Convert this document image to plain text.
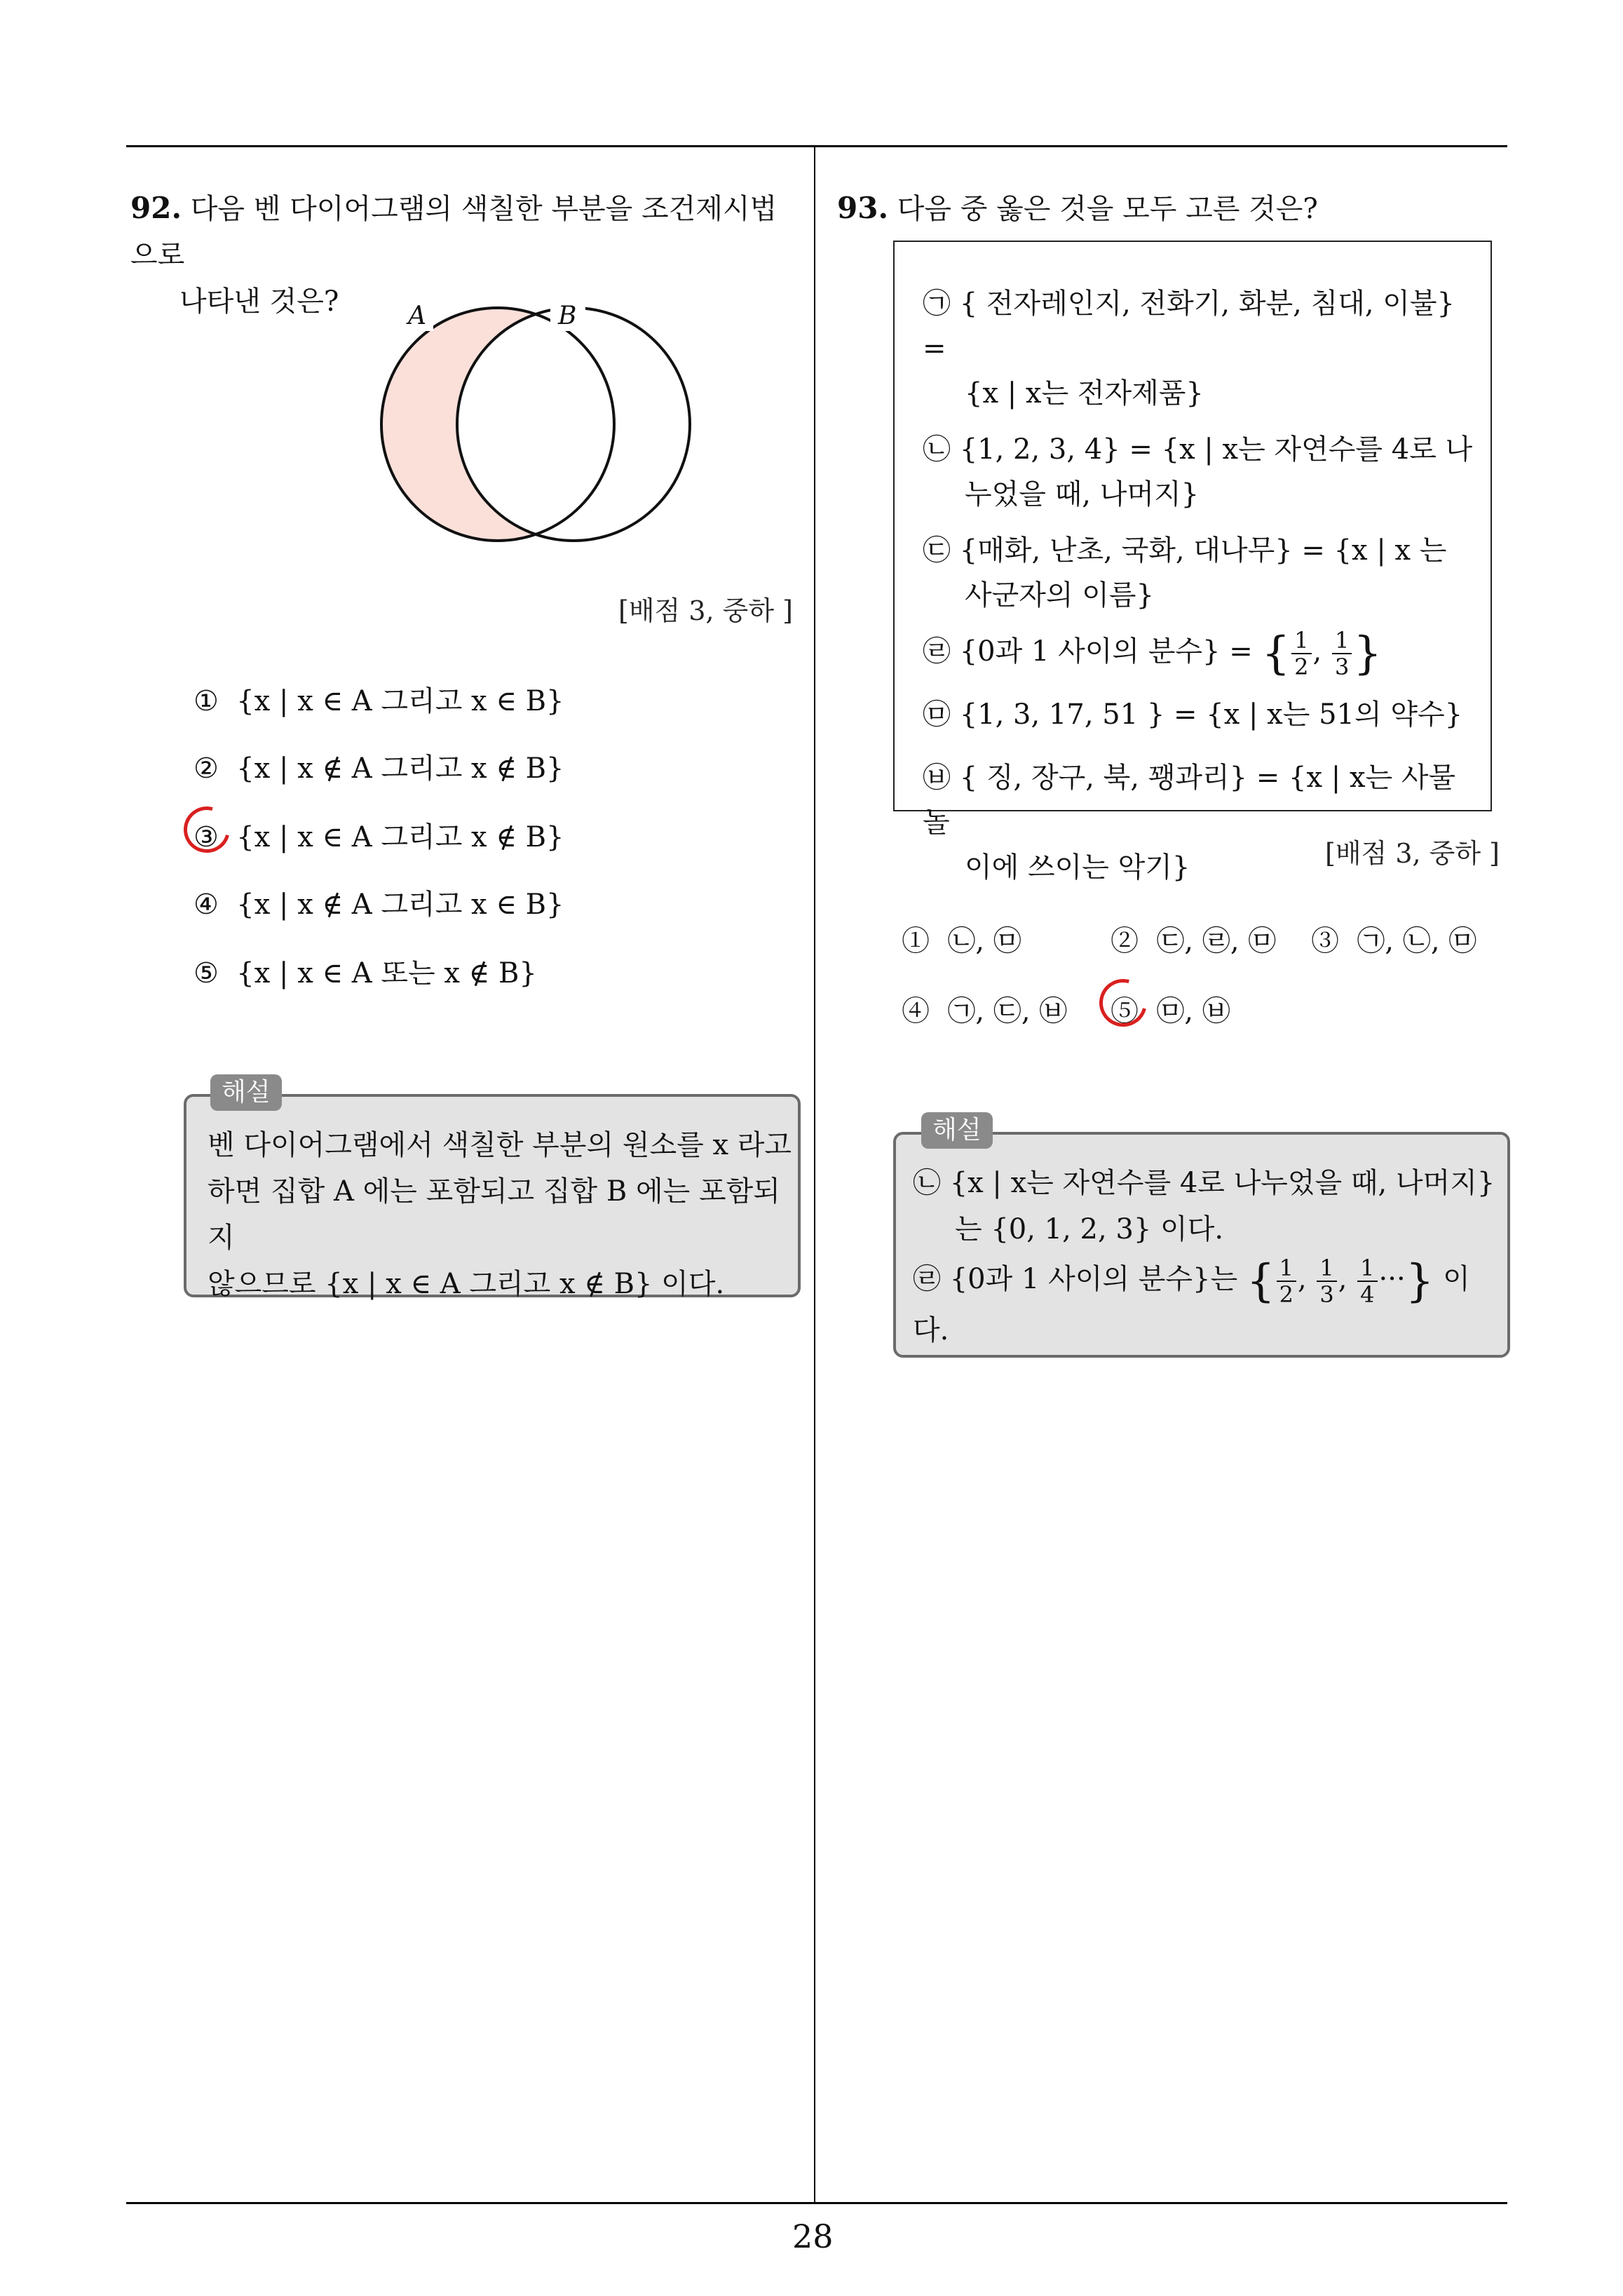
28
92. 다음 벤 다이어그램의 색칠한 부분을 조건제시법으로
나타낸 것은?	A	B
[배점 3, 중하 ]
① {x | x ∈ A 그리고 x ∈ B}
② {x | x ∉ A 그리고 x ∉ B}
③ {x | x ∈ A 그리고 x ∉ B}
④ {x | x ∉ A 그리고 x ∈ B}
⑤ {x | x ∈ A 또는 x ∉ B}
벤 다이어그램에서 색칠한 부분의 원소를 x 라고
하면 집합 A 에는 포함되고 집합 B 에는 포함되지
않으므로 {x | x ∈ A 그리고 x ∉ B} 이다.
해설
93. 다음 중 옳은 것을 모두 고른 것은?
㉠ { 전자레인지, 전화기, 화분, 침대, 이불} =
{x | x는 전자제품}
㉡ {1, 2, 3, 4} = {x | x는 자연수를 4로 나
누었을 때, 나머지}
㉢ {매화, 난초, 국화, 대나무} = {x | x 는
사군자의 이름}
㉣ {0과 1 사이의 분수} = { $\frac{1}{2}$ , $\frac{1}{3}$ }
㉤ {1, 3, 17, 51 } = {x | x는 51의 약수}
㉥ { 징, 장구, 북, 꽹과리} = {x | x는 사물놀
이에 쓰이는 악기}	[배점 3, 중하 ]
① ㉡, ㉤	② ㉢, ㉣, ㉤ ③ ㉠, ㉡, ㉤
④ ㉠, ㉢, ㉥ ⑤ ㉤, ㉥
㉡ {x | x는 자연수를 4로 나누었을 때, 나머지}
는 {0, 1, 2, 3} 이다.
㉣ {0과 1 사이의 분수}는 { $\frac{1}{2}$ , $\frac{1}{3}$ , $\frac{1}{4}$ ···} 이다.
해설
